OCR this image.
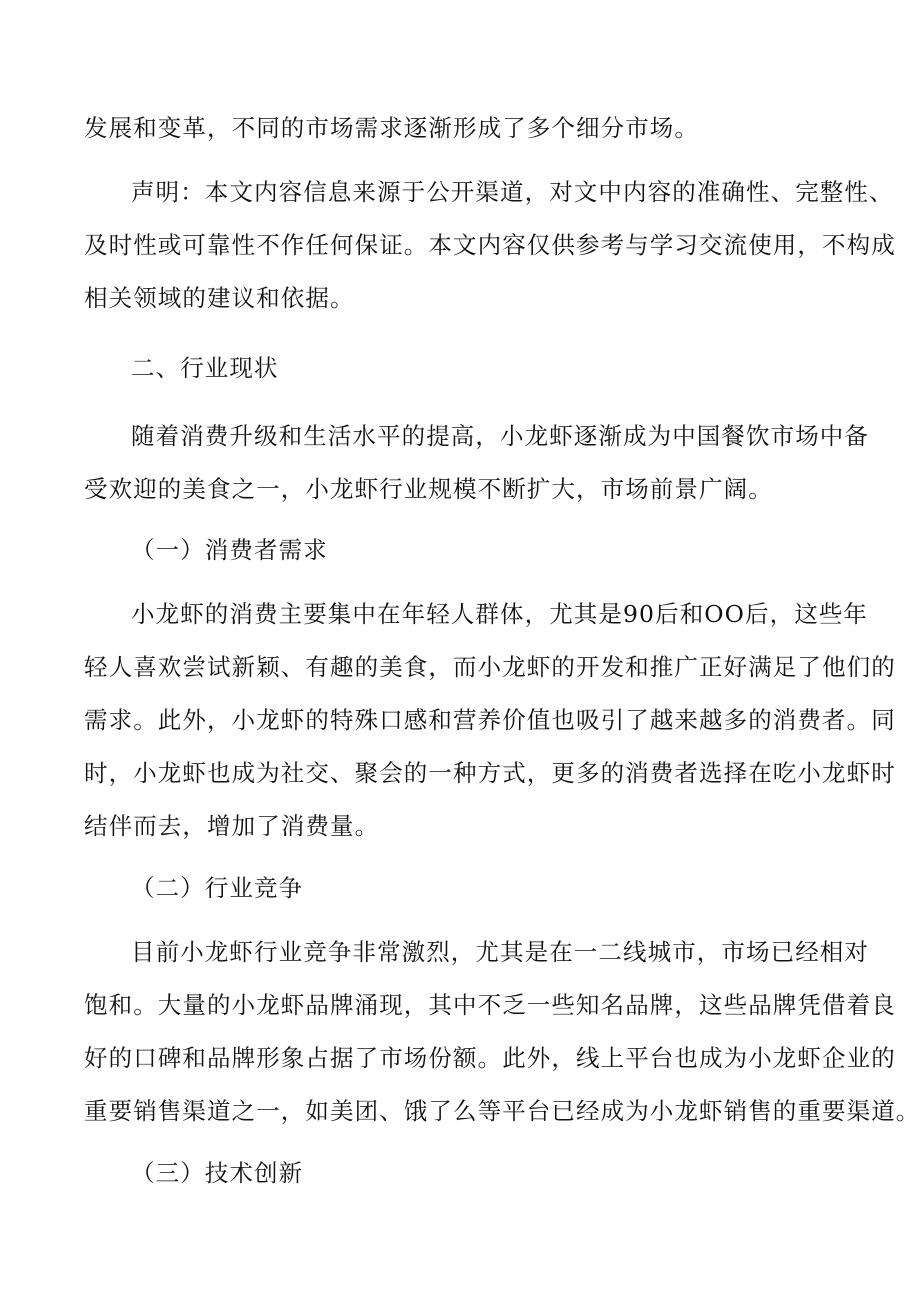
发展和变革，不同的市场需求逐渐形成了多个细分市场。
声明：本文内容信息来源于公开渠道，对文中内容的准确性、完整性、
及时性或可靠性不作任何保证。本文内容仅供参考与学习交流使用，不构成
相关领域的建议和依据。
二、行业现状
随着消费升级和生活水平的提高，小龙虾逐渐成为中国餐饮市场中备
受欢迎的美食之一，小龙虾行业规模不断扩大，市场前景广阔。
（一）消费者需求
小龙虾的消费主要集中在年轻人群体，尤其是90后和OO后，这些年
轻人喜欢尝试新颖、有趣的美食，而小龙虾的开发和推广正好满足了他们的
需求。此外，小龙虾的特殊口感和营养价值也吸引了越来越多的消费者。同
时，小龙虾也成为社交、聚会的一种方式，更多的消费者选择在吃小龙虾时
结伴而去，增加了消费量。
（二）行业竞争
目前小龙虾行业竞争非常激烈，尤其是在一二线城市，市场已经相对
饱和。大量的小龙虾品牌涌现，其中不乏一些知名品牌，这些品牌凭借着良
好的口碑和品牌形象占据了市场份额。此外，线上平台也成为小龙虾企业的
重要销售渠道之一，如美团、饿了么等平台已经成为小龙虾销售的重要渠道。
（三）技术创新
